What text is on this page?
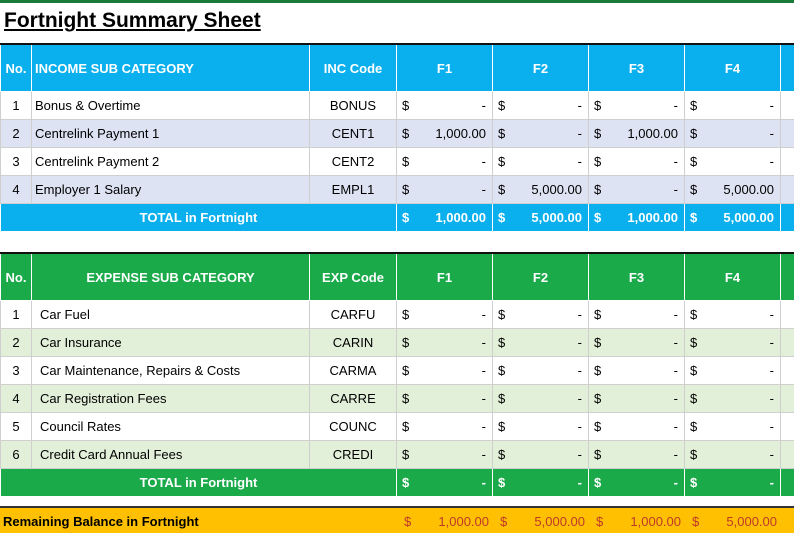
Fortnight Summary Sheet
No.	INCOME SUB CATEGORY	INC Code	F1	F2	F3	F4	
1	Bonus & Overtime	BONUS	$ -	$ -	$ -	$ -	

2	Centrelink Payment 1	CENT1	$ 1,000.00	$ -	$ 1,000.00	$ -	

3	Centrelink Payment 2	CENT2	$ -	$ -	$ -	$ -	

4	Employer 1 Salary	EMPL1	$ -	$ 5,000.00	$ -	$ 5,000.00	

TOTAL in Fortnight			$ 1,000.00	$ 5,000.00	$ 1,000.00	$ 5,000.00	

No.	EXPENSE SUB CATEGORY	EXP Code	F1	F2	F3	F4	
1	Car Fuel	CARFU	$ -	$ -	$ -	$ -	

2	Car Insurance	CARIN	$ -	$ -	$ -	$ -	

3	Car Maintenance, Repairs & Costs	CARMA	$ -	$ -	$ -	$ -	

4	Car Registration Fees	CARRE	$ -	$ -	$ -	$ -	

5	Council Rates	COUNC	$ -	$ -	$ -	$ -	

6	Credit Card Annual Fees	CREDI	$ -	$ -	$ -	$ -	

TOTAL in Fortnight			$ -	$ -	$ -	$ -	

Remaining Balance in Fortnight	$ 1,000.00 $ 5,000.00 $ 1,000.00 $ 5,000.00
